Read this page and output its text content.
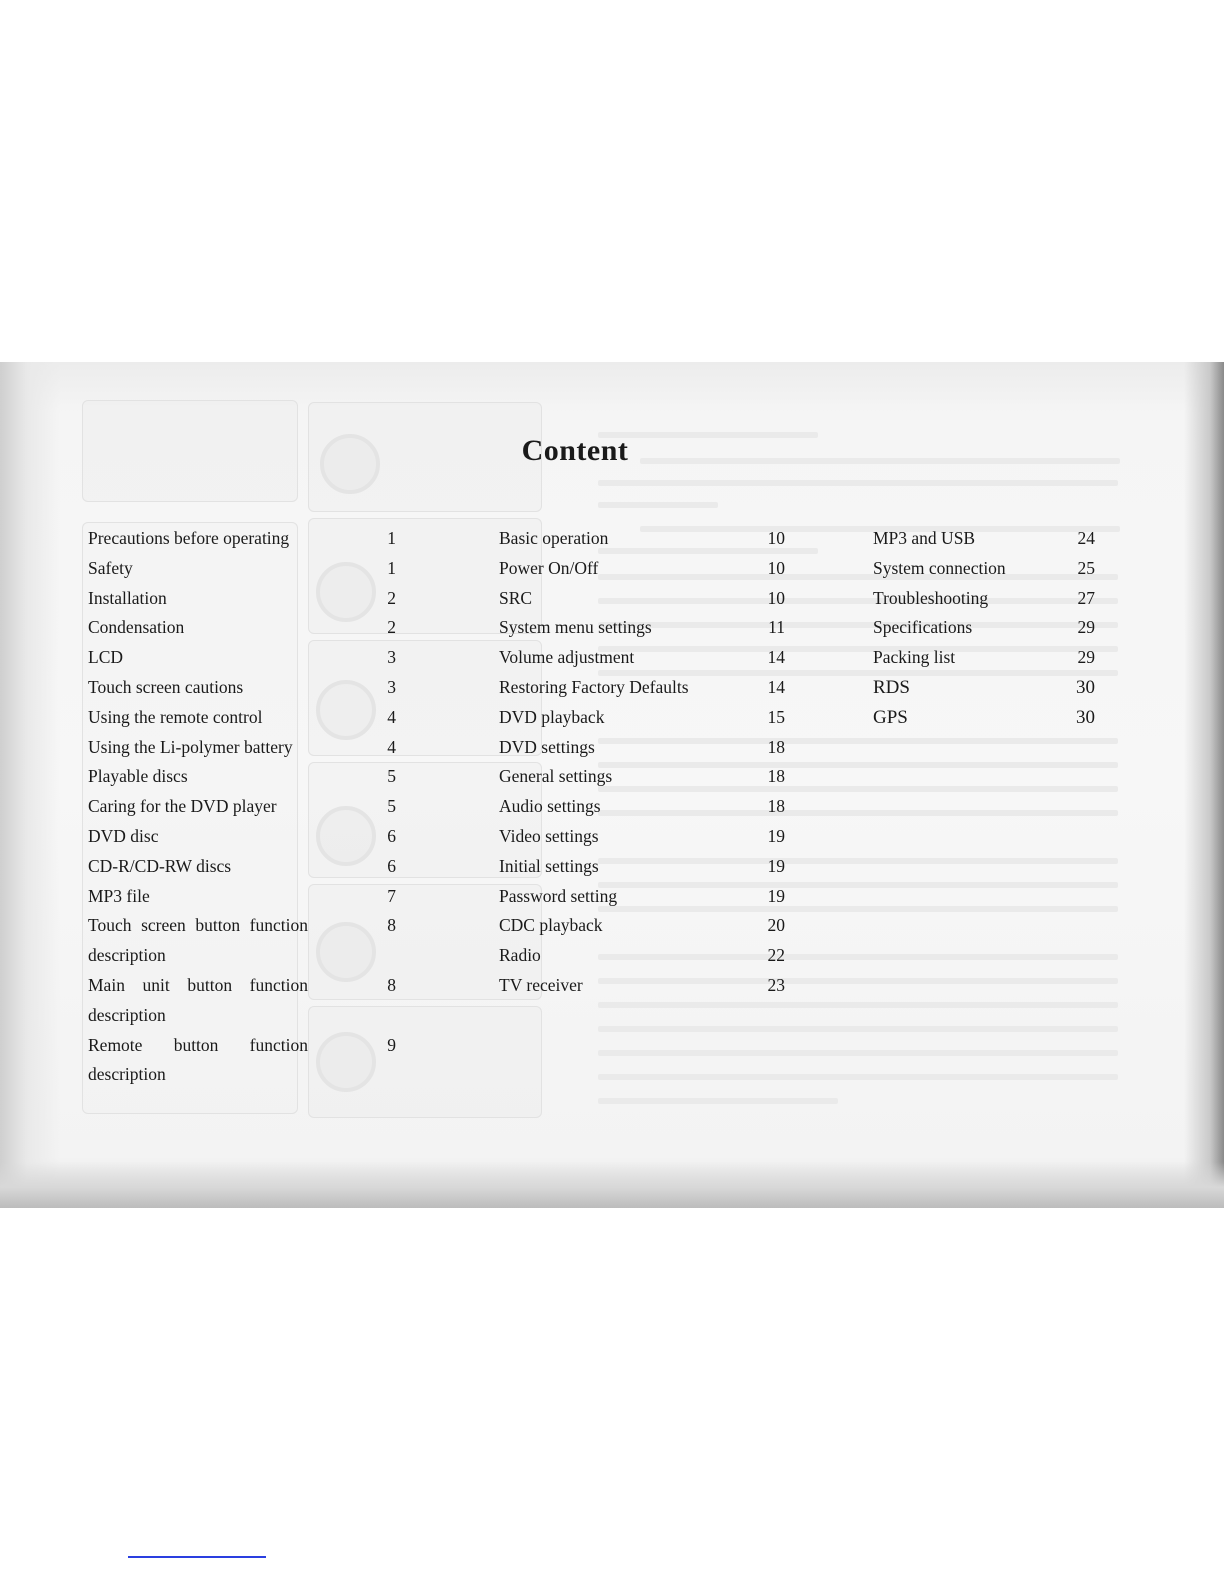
Content
Precautions before operating	1
Safety	1
Installation	2
Condensation	2
LCD	3
Touch screen cautions	3
Using the remote control	4
Using the Li-polymer battery	4
Playable discs	5
Caring for the DVD player	5
DVD disc	6
CD-R/CD-RW discs	6
MP3 file	7
Touch screen button function	8
description
Main unit button function	8
description
Remote button function	9
description
Basic operation	10
Power On/Off	10
SRC	10
System menu settings	11
Volume adjustment	14
Restoring Factory Defaults	14
DVD playback	15
DVD settings	18
General settings	18
Audio settings	18
Video settings	19
Initial settings	19
Password setting	19
CDC playback	20
Radio	22
TV receiver	23
MP3 and USB	24
System connection	25
Troubleshooting	27
Specifications	29
Packing list	29
RDS	30
GPS	30
